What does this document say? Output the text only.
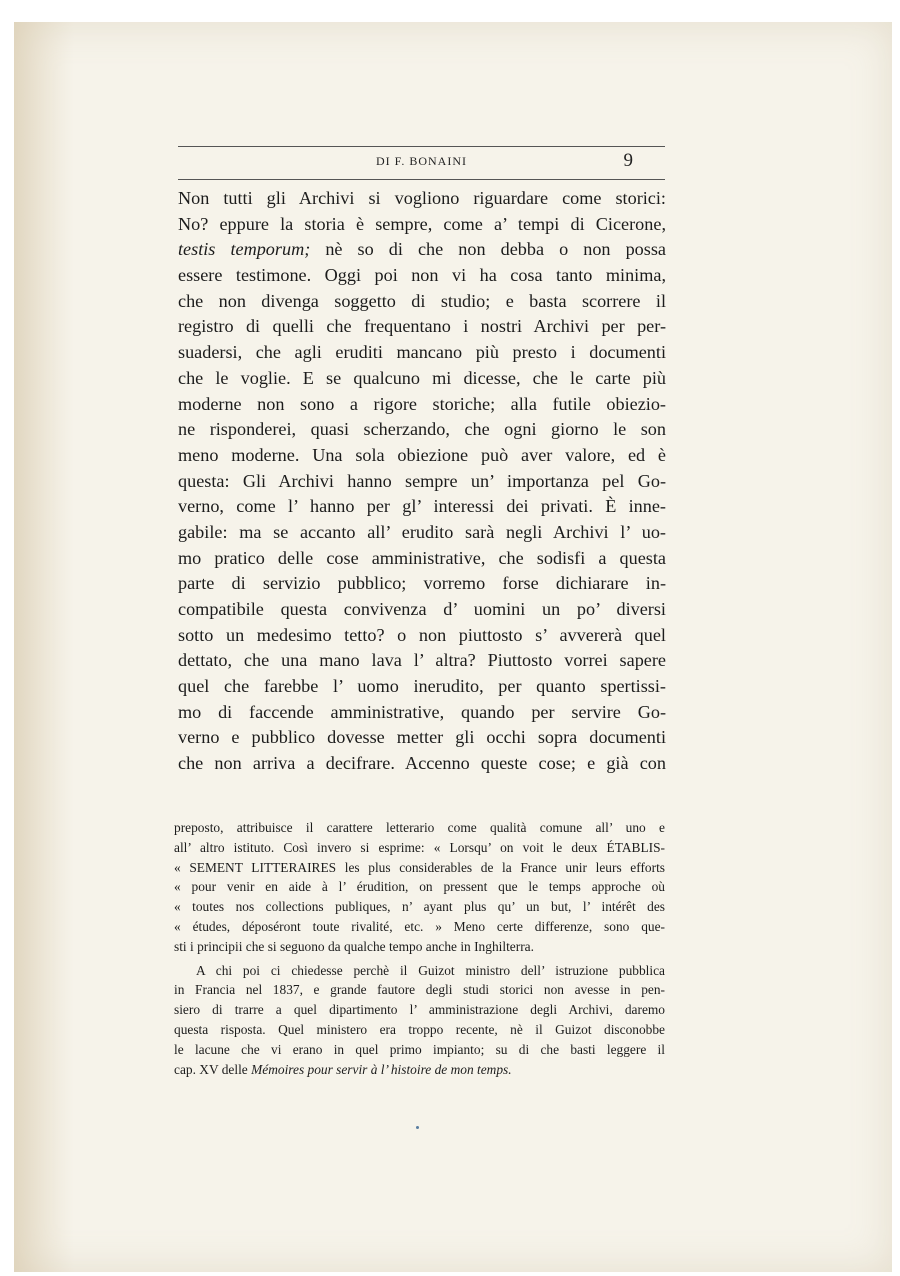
DI F. BONAINI	9
Non tutti gli Archivi si vogliono riguardare come storici:
No? eppure la storia è sempre, come a’ tempi di Cicerone,
testis temporum; nè so di che non debba o non possa
essere testimone. Oggi poi non vi ha cosa tanto minima,
che non divenga soggetto di studio; e basta scorrere il
registro di quelli che frequentano i nostri Archivi per per-
suadersi, che agli eruditi mancano più presto i documenti
che le voglie. E se qualcuno mi dicesse, che le carte più
moderne non sono a rigore storiche; alla futile obiezio-
ne risponderei, quasi scherzando, che ogni giorno le son
meno moderne. Una sola obiezione può aver valore, ed è
questa: Gli Archivi hanno sempre un’ importanza pel Go-
verno, come l’ hanno per gl’ interessi dei privati. È inne-
gabile: ma se accanto all’ erudito sarà negli Archivi l’ uo-
mo pratico delle cose amministrative, che sodisfi a questa
parte di servizio pubblico; vorremo forse dichiarare in-
compatibile questa convivenza d’ uomini un po’ diversi
sotto un medesimo tetto? o non piuttosto s’ avvererà quel
dettato, che una mano lava l’ altra? Piuttosto vorrei sapere
quel che farebbe l’ uomo inerudito, per quanto spertissi-
mo di faccende amministrative, quando per servire Go-
verno e pubblico dovesse metter gli occhi sopra documenti
che non arriva a decifrare. Accenno queste cose; e già con
preposto, attribuisce il carattere letterario come qualità comune all’ uno e
all’ altro istituto. Così invero si esprime: « Lorsqu’ on voit le deux ÉTABLIS-
« SEMENT LITTERAIRES les plus considerables de la France unir leurs efforts
« pour venir en aide à l’ érudition, on pressent que le temps approche où
« toutes nos collections publiques, n’ ayant plus qu’ un but, l’ intérêt des
« études, déposéront toute rivalité, etc. » Meno certe differenze, sono que-
sti i principii che si seguono da qualche tempo anche in Inghilterra.
A chi poi ci chiedesse perchè il Guizot ministro dell’ istruzione pubblica
in Francia nel 1837, e grande fautore degli studi storici non avesse in pen-
siero di trarre a quel dipartimento l’ amministrazione degli Archivi, daremo
questa risposta. Quel ministero era troppo recente, nè il Guizot disconobbe
le lacune che vi erano in quel primo impianto; su di che basti leggere il
cap. XV delle Mémoires pour servir à l’ histoire de mon temps.
